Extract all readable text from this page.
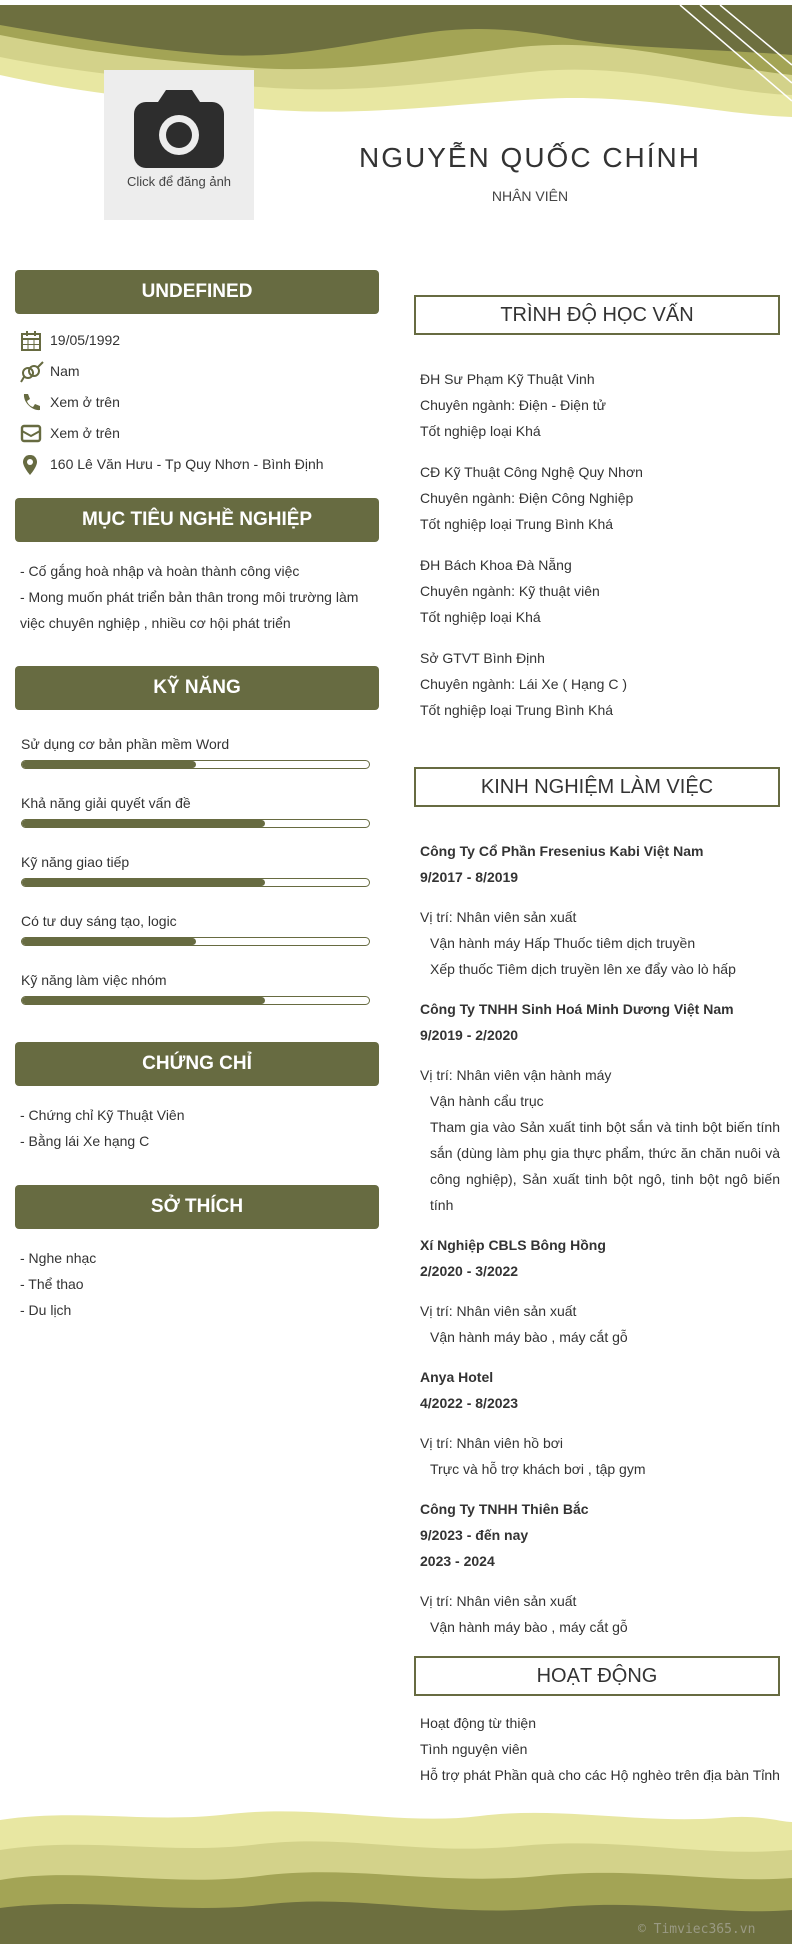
Click để đăng ảnh
NGUYỄN QUỐC CHÍNH
NHÂN VIÊN
UNDEFINED
19/05/1992
Nam
Xem ở trên
Xem ở trên
160 Lê Văn Hưu - Tp Quy Nhơn - Bình Định
MỤC TIÊU NGHỀ NGHIỆP
- Cố gắng hoà nhập và hoàn thành công việc
- Mong muốn phát triển bản thân trong môi trường làm
việc chuyên nghiệp , nhiều cơ hội phát triển
KỸ NĂNG
Sử dụng cơ bản phần mềm Word
Khả năng giải quyết vấn đề
Kỹ năng giao tiếp
Có tư duy sáng tạo, logic
Kỹ năng làm việc nhóm
CHỨNG CHỈ
- Chứng chỉ Kỹ Thuật Viên
- Bằng lái Xe hạng C
SỞ THÍCH
- Nghe nhạc
- Thể thao
- Du lịch
TRÌNH ĐỘ HỌC VẤN
ĐH Sư Phạm Kỹ Thuật Vinh
Chuyên ngành: Điện - Điện tử
Tốt nghiệp loại Khá
CĐ Kỹ Thuật Công Nghệ Quy Nhơn
Chuyên ngành: Điện Công Nghiệp
Tốt nghiệp loại Trung Bình Khá
ĐH Bách Khoa Đà Nẵng
Chuyên ngành: Kỹ thuật viên
Tốt nghiệp loại Khá
Sở GTVT Bình Định
Chuyên ngành: Lái Xe ( Hạng C )
Tốt nghiệp loại Trung Bình Khá
KINH NGHIỆM LÀM VIỆC
Công Ty Cổ Phần Fresenius Kabi Việt Nam
9/2017 - 8/2019
Vị trí: Nhân viên sản xuất
Vận hành máy Hấp Thuốc tiêm dịch truyền
Xếp thuốc Tiêm dịch truyền lên xe đẩy vào lò hấp
Công Ty TNHH Sinh Hoá Minh Dương Việt Nam
9/2019 - 2/2020
Vị trí: Nhân viên vận hành máy
Vận hành cẩu trục
Tham gia vào Sản xuất tinh bột sắn và tinh bột biến tính sắn (dùng làm phụ gia thực phẩm, thức ăn chăn nuôi và công nghiệp), Sản xuất tinh bột ngô, tinh bột ngô biến tính
Xí Nghiệp CBLS Bông Hồng
2/2020 - 3/2022
Vị trí: Nhân viên sản xuất
Vận hành máy bào , máy cắt gỗ
Anya Hotel
4/2022 - 8/2023
Vị trí: Nhân viên hồ bơi
Trực và hỗ trợ khách bơi , tập gym
Công Ty TNHH Thiên Bắc
9/2023 - đến nay
2023 - 2024
Vị trí: Nhân viên sản xuất
Vận hành máy bào , máy cắt gỗ
HOẠT ĐỘNG
Hoạt động từ thiện
Tình nguyện viên
Hỗ trợ phát Phần quà cho các Hộ nghèo trên địa bàn Tỉnh
© Timviec365.vn
